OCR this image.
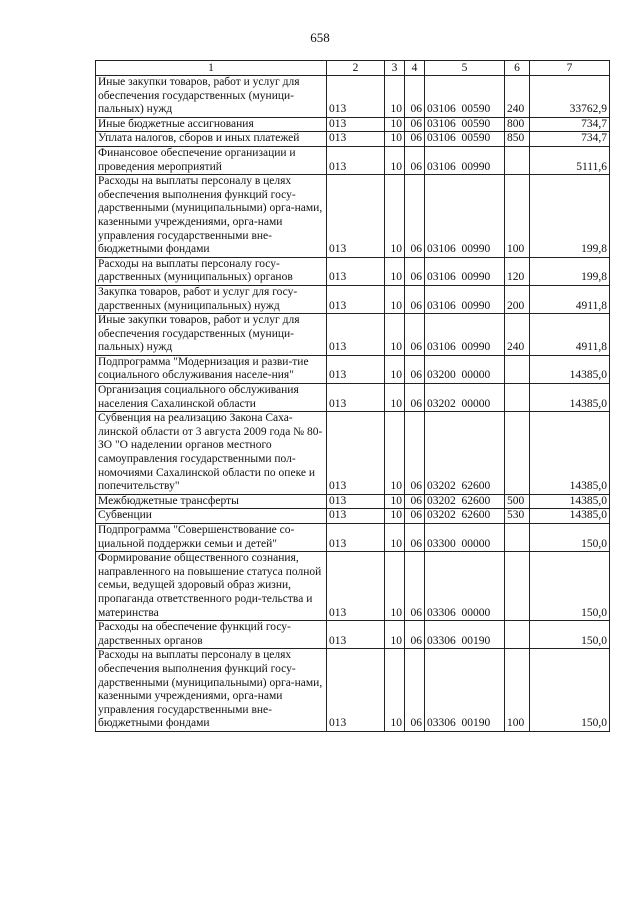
658
1	2	3	4	5	6	7
Иные закупки товаров, работ и услуг для обеспечения государственных (муници-пальных) нужд	013	10	06	03106  00590	240	33762,9
Иные бюджетные ассигнования	013	10	06	03106  00590	800	734,7
Уплата налогов, сборов и иных платежей	013	10	06	03106  00590	850	734,7
Финансовое обеспечение организации и проведения мероприятий	013	10	06	03106  00990		5111,6
Расходы на выплаты персоналу в целях обеспечения выполнения функций госу-дарственными (муниципальными) орга-нами, казенными учреждениями, орга-нами управления государственными вне-бюджетными фондами	013	10	06	03106  00990	100	199,8
Расходы на выплаты персоналу госу-дарственных (муниципальных) органов	013	10	06	03106  00990	120	199,8
Закупка товаров, работ и услуг для госу-дарственных (муниципальных) нужд	013	10	06	03106  00990	200	4911,8
Иные закупки товаров, работ и услуг для обеспечения государственных (муници-пальных) нужд	013	10	06	03106  00990	240	4911,8
Подпрограмма "Модернизация и разви-тие социального обслуживания населе-ния"	013	10	06	03200  00000		14385,0
Организация социального обслуживания населения Сахалинской области	013	10	06	03202  00000		14385,0
Субвенция на реализацию Закона Саха-линской области от 3 августа 2009 года № 80-ЗО "О наделении органов местного самоуправления государственными пол-номочиями Сахалинской области по опеке и попечительству"	013	10	06	03202  62600		14385,0
Межбюджетные трансферты	013	10	06	03202  62600	500	14385,0
Субвенции	013	10	06	03202  62600	530	14385,0
Подпрограмма "Совершенствование со-циальной поддержки семьи и детей"	013	10	06	03300  00000		150,0
Формирование общественного сознания, направленного на повышение статуса полной семьи, ведущей здоровый образ жизни, пропаганда ответственного роди-тельства и материнства	013	10	06	03306  00000		150,0
Расходы на обеспечение функций госу-дарственных органов	013	10	06	03306  00190		150,0
Расходы на выплаты персоналу в целях обеспечения выполнения функций госу-дарственными (муниципальными) орга-нами, казенными учреждениями, орга-нами управления государственными вне-бюджетными фондами	013	10	06	03306  00190	100	150,0
